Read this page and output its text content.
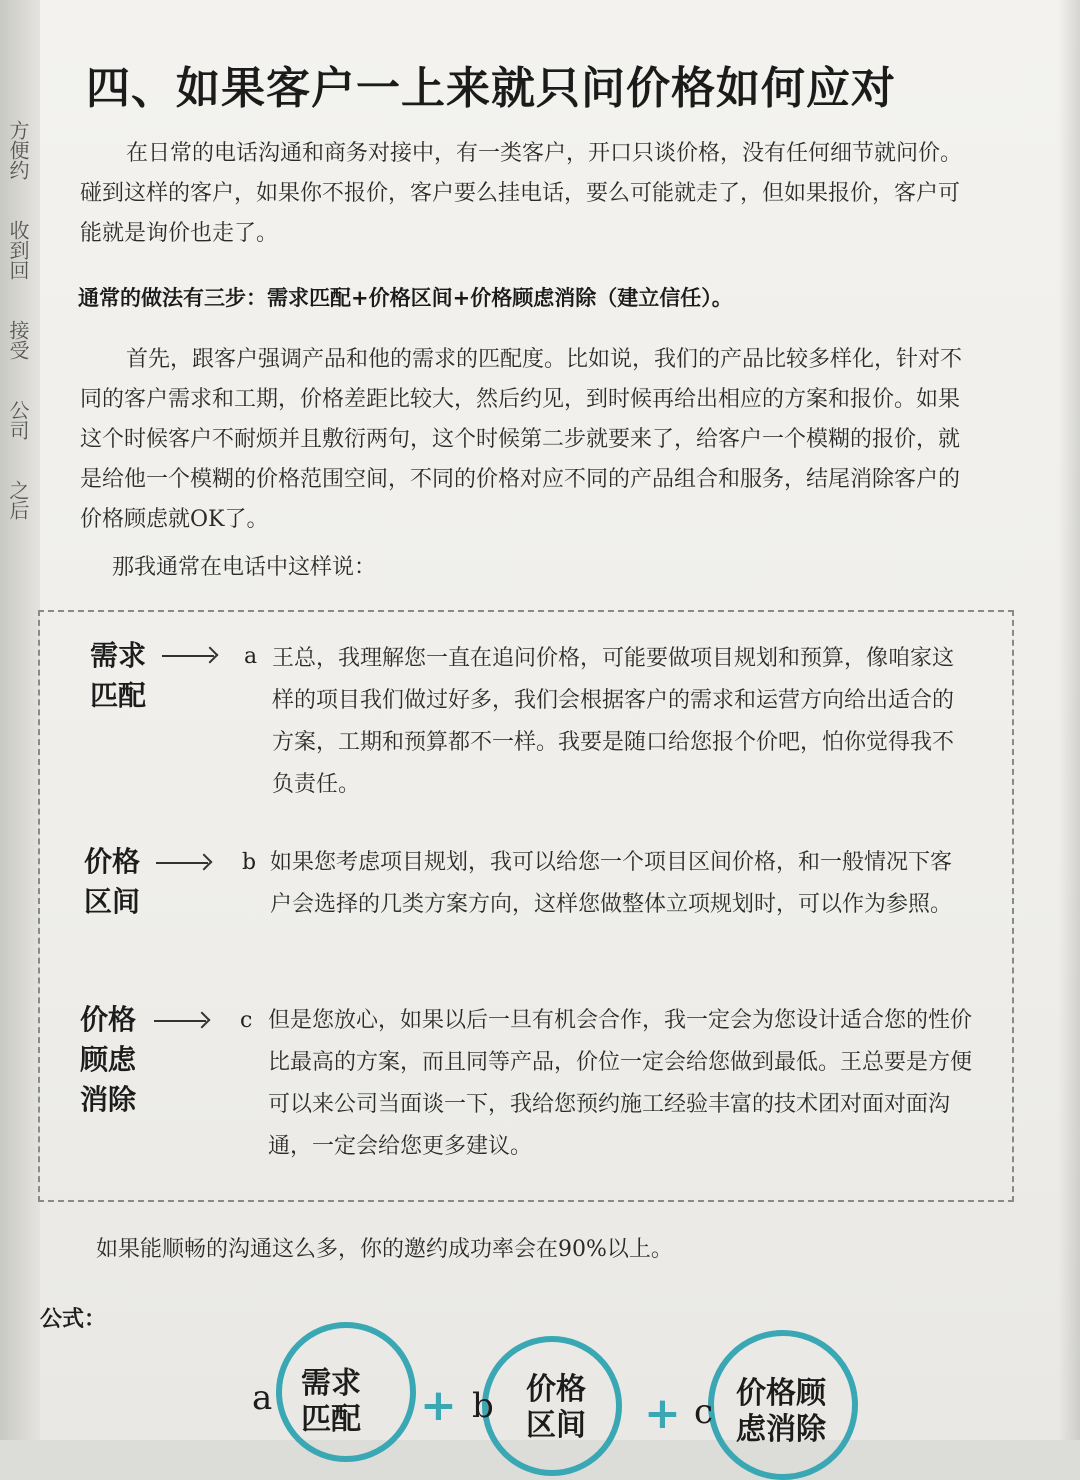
方便约
收到回
接受
公司
之后
四、如果客户一上来就只问价格如何应对

在日常的电话沟通和商务对接中，有一类客户，开口只谈价格，没有任何细节就问价。碰到这样的客户，如果你不报价，客户要么挂电话，要么可能就走了，但如果报价，客户可能就是询价也走了。

通常的做法有三步：需求匹配+价格区间+价格顾虑消除（建立信任）。

首先，跟客户强调产品和他的需求的匹配度。比如说，我们的产品比较多样化，针对不同的客户需求和工期，价格差距比较大，然后约见，到时候再给出相应的方案和报价。如果这个时候客户不耐烦并且敷衍两句，这个时候第二步就要来了，给客户一个模糊的报价，就是给他一个模糊的价格范围空间，不同的价格对应不同的产品组合和服务，结尾消除客户的价格顾虑就OK了。

那我通常在电话中这样说：

需求
匹配
a 王总，我理解您一直在追问价格，可能要做项目规划和预算，像咱家这样的项目我们做过好多，我们会根据客户的需求和运营方向给出适合的方案，工期和预算都不一样。我要是随口给您报个价吧，怕你觉得我不负责任。

价格
区间
b 如果您考虑项目规划，我可以给您一个项目区间价格，和一般情况下客户会选择的几类方案方向，这样您做整体立项规划时，可以作为参照。

价格
顾虑
消除
c 但是您放心，如果以后一旦有机会合作，我一定会为您设计适合您的性价比最高的方案，而且同等产品，价位一定会给您做到最低。王总要是方便可以来公司当面谈一下，我给您预约施工经验丰富的技术团对面对面沟通，一定会给您更多建议。

如果能顺畅的沟通这么多，你的邀约成功率会在90%以上。

公式：

a 需求
匹配 + b	价格
区间 + c 价格顾
虑消除
